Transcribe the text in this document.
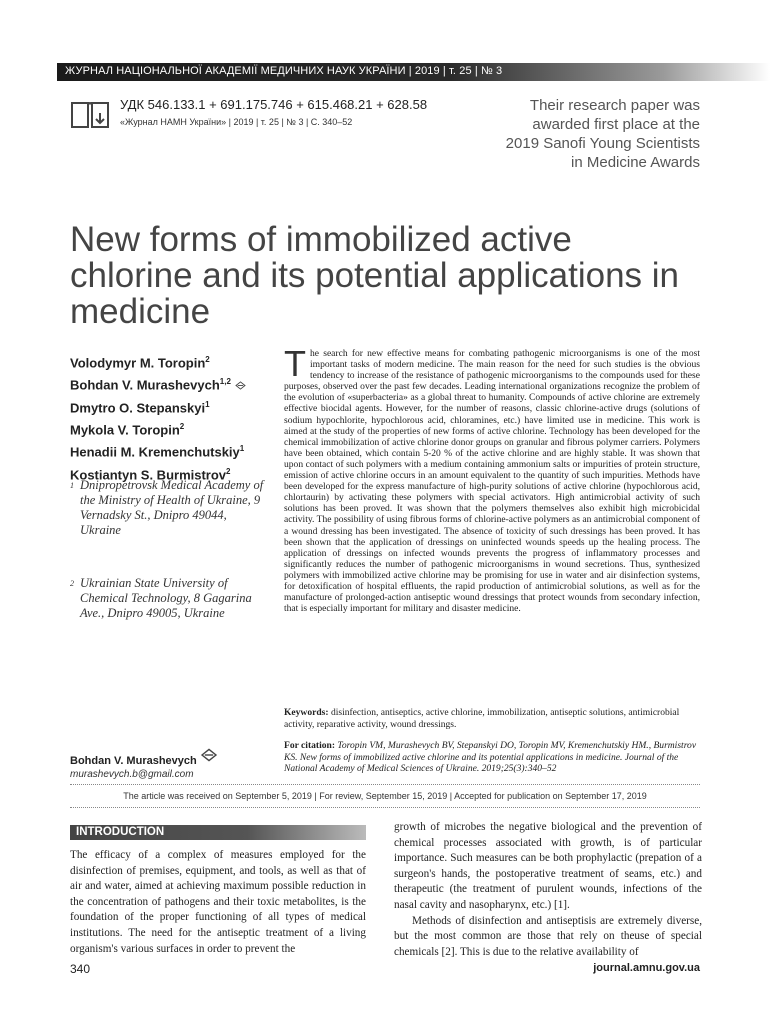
ЖУРНАЛ НАЦІОНАЛЬНОЇ АКАДЕМІЇ МЕДИЧНИХ НАУК УКРАЇНИ | 2019 | т. 25 | № 3
УДК 546.133.1 + 691.175.746 + 615.468.21 + 628.58
«Журнал НАМН України» | 2019 | т. 25 | № 3 | С. 340–52
Their research paper was awarded first place at the 2019 Sanofi Young Scientists in Medicine Awards
New forms of immobilized active chlorine and its potential applications in medicine
Volodymyr M. Toropin$^2$
Bohdan V. Murashevych$^{1,2}$
Dmytro O. Stepanskyi$^1$
Mykola V. Toropin$^2$
Henadii M. Kremenchutskiy$^1$
Kostiantyn S. Burmistrov$^2$
1 Dnipropetrovsk Medical Academy of the Ministry of Health of Ukraine, 9 Vernadsky St., Dnipro 49044, Ukraine
2 Ukrainian State University of Chemical Technology, 8 Gagarina Ave., Dnipro 49005, Ukraine
The search for new effective means for combating pathogenic microorganisms is one of the most important tasks of modern medicine. The main reason for the need for such studies is the obvious tendency to increase of the resistance of pathogenic microorganisms to the compounds used for these purposes, observed over the past few decades. Leading international organizations recognize the problem of the evolution of «superbacteria» as a global threat to humanity. Compounds of active chlorine are extremely effective biocidal agents. However, for the number of reasons, classic chlorine-active drugs (solutions of sodium hypochlorite, hypochlorous acid, chloramines, etc.) have limited use in medicine. This work is aimed at the study of the properties of new forms of active chlorine. Technology has been developed for the chemical immobilization of active chlorine donor groups on granular and fibrous polymer carriers. Polymers have been obtained, which contain 5-20 % of the active chlorine and are highly stable. It was shown that upon contact of such polymers with a medium containing ammonium salts or impurities of protein structure, emission of active chlorine occurs in an amount equivalent to the quantity of such impurities. Methods have been developed for the express manufacture of high-purity solutions of active chlorine (hypochlorous acid, chlortaurin) by activating these polymers with special activators. High antimicrobial activity of such solutions has been proved. It was shown that the polymers themselves also exhibit high microbicidal activity. The possibility of using fibrous forms of chlorine-active polymers as an antimicrobial component of a wound dressing has been investigated. The absence of toxicity of such dressings has been proved. It has been shown that the application of dressings on uninfected wounds speeds up the healing process. The application of dressings on infected wounds prevents the progress of inflammatory processes and significantly reduces the number of pathogenic microorganisms in wound secretions. Thus, synthesized polymers with immobilized active chlorine may be promising for use in water and air disinfection systems, for detoxification of hospital effluents, the rapid production of antimicrobial solutions, as well as for the manufacture of prolonged-action antiseptic wound dressings that protect wounds from secondary infection, that is especially important for military and disaster medicine.
Keywords: disinfection, antiseptics, active chlorine, immobilization, antiseptic solutions, antimicrobial activity, reparative activity, wound dressings.
For citation: Toropin VM, Murashevych BV, Stepanskyi DO, Toropin MV, Kremenchutskiy HM., Burmistrov KS. New forms of immobilized active chlorine and its potential applications in medicine. Journal of the National Academy of Medical Sciences of Ukraine. 2019;25(3):340–52
Bohdan V. Murashevych
murashevych.b@gmail.com
The article was received on September 5, 2019 | For review, September 15, 2019 | Accepted for publication on September 17, 2019
INTRODUCTION

The efficacy of a complex of measures employed for the disinfection of premises, equipment, and tools, as well as that of air and water, aimed at achieving maximum possible reduction in the concentration of pathogens and their toxic metabolites, is the foundation of the proper functioning of all types of medical institutions. The need for the antiseptic treatment of a living organism's various surfaces in order to prevent the

growth of microbes the negative biological and the prevention of chemical processes associated with growth, is of particular importance. Such measures can be both prophylactic (prepation of a surgeon's hands, the postoperative treatment of seams, etc.) and therapeutic (the treatment of purulent wounds, infections of the nasal cavity and nasopharynx, etc.) [1].

Methods of disinfection and antiseptisis are extremely diverse, but the most common are those that rely on theuse of special chemicals [2]. This is due to the relative availability of

340	journal.amnu.gov.ua
